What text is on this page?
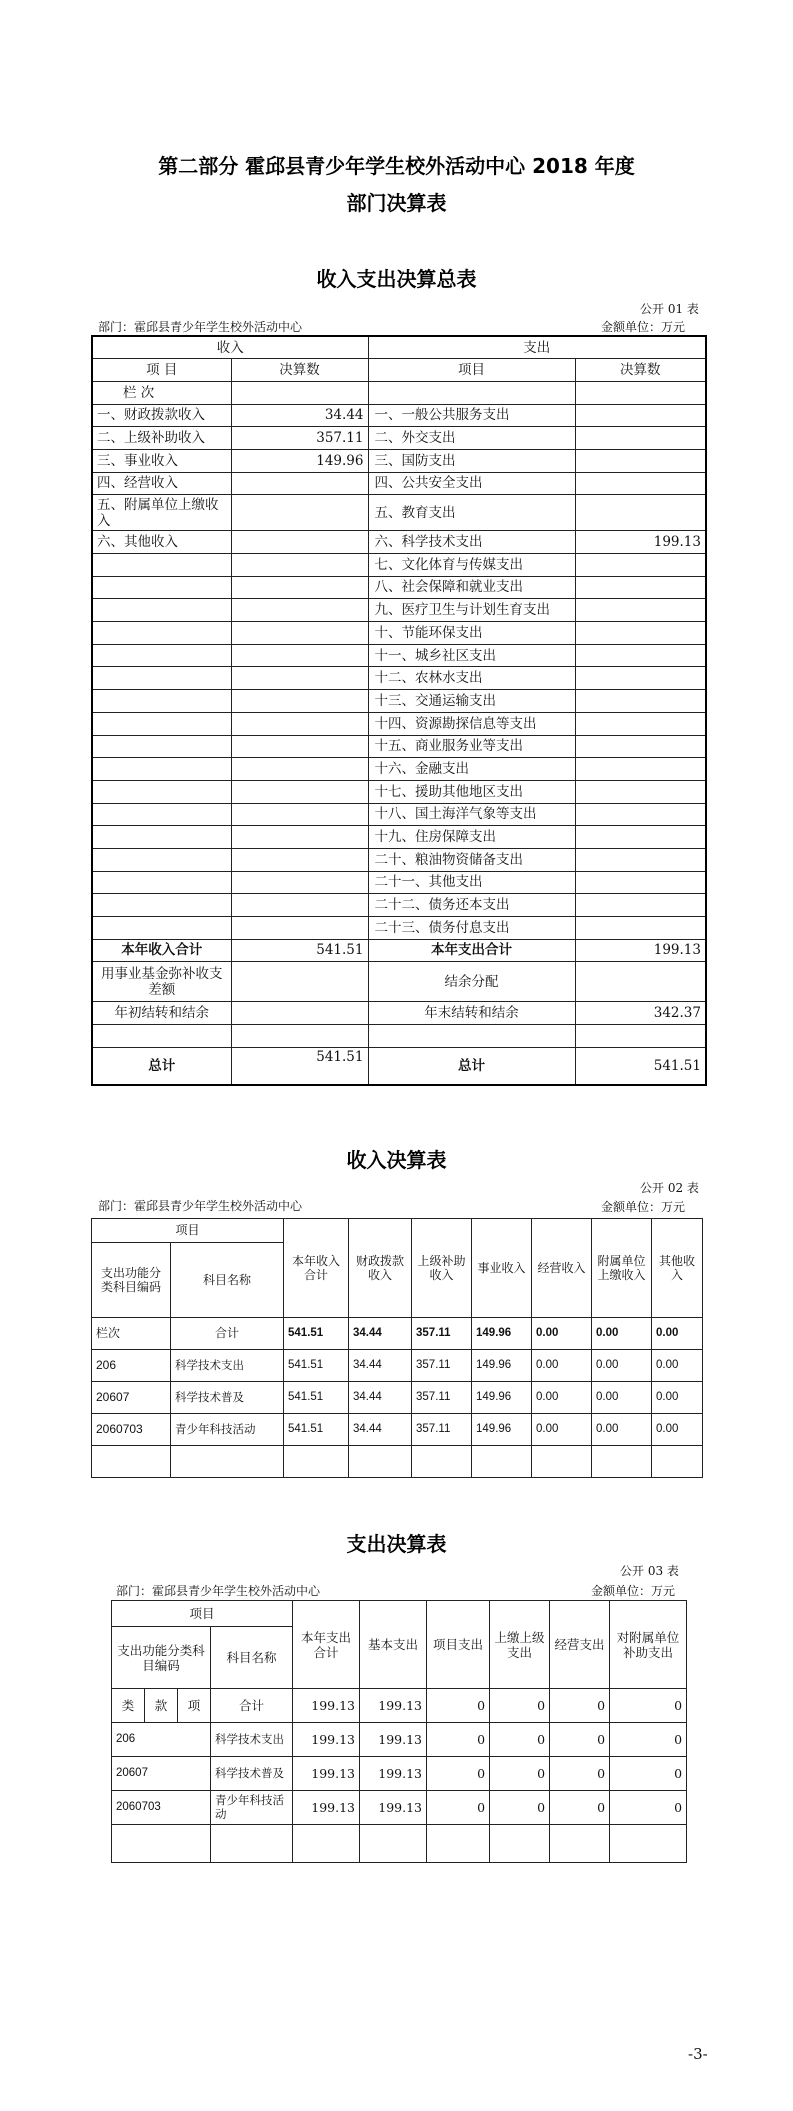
第二部分 霍邱县青少年学生校外活动中心 2018 年度
部门决算表
收入支出决算总表
公开 01 表
部门：霍邱县青少年学生校外活动中心	金额单位：万元
收入		支出	
项 目	决算数	项目	决算数
栏 次			
一、财政拨款收入	34.44	一、一般公共服务支出	
二、上级补助收入	357.11	二、外交支出	
三、事业收入	149.96	三、国防支出	
四、经营收入		四、公共安全支出	
五、附属单位上缴收入		五、教育支出	
六、其他收入		六、科学技术支出	199.13
		七、文化体育与传媒支出	
		八、社会保障和就业支出	
		九、医疗卫生与计划生育支出	
		十、节能环保支出	
		十一、城乡社区支出	
		十二、农林水支出	
		十三、交通运输支出	
		十四、资源勘探信息等支出	
		十五、商业服务业等支出	
		十六、金融支出	
		十七、援助其他地区支出	
		十八、国土海洋气象等支出	
		十九、住房保障支出	
		二十、粮油物资储备支出	
		二十一、其他支出	
		二十二、债务还本支出	
		二十三、债务付息支出	
本年收入合计	541.51	本年支出合计	199.13
用事业基金弥补收支差额		结余分配	
年初结转和结余		年末结转和结余	342.37

总计	541.51	总计	541.51
收入决算表
公开 02 表
部门：霍邱县青少年学生校外活动中心	金额单位：万元
项目		本年收入合计	财政拨款收入	上级补助收入	事业收入	经营收入	附属单位上缴收入	其他收入
支出功能分类科目编码	科目名称							
栏次	合计	541.51	34.44	357.11	149.96	0.00	0.00	0.00
206	科学技术支出	541.51	34.44	357.11	149.96	0.00	0.00	0.00
20607	科学技术普及	541.51	34.44	357.11	149.96	0.00	0.00	0.00
2060703	青少年科技活动	541.51	34.44	357.11	149.96	0.00	0.00	0.00

支出决算表
公开 03 表
部门：霍邱县青少年学生校外活动中心	金额单位：万元
项目				本年支出合计	基本支出	项目支出	上缴上级支出	经营支出	对附属单位补助支出
支出功能分类科目编码			科目名称						
类	款	项	合计	199.13	199.13	0	0	0	0
206			科学技术支出	199.13	199.13	0	0	0	0
20607			科学技术普及	199.13	199.13	0	0	0	0
2060703			青少年科技活动	199.13	199.13	0	0	0	0

-3-
